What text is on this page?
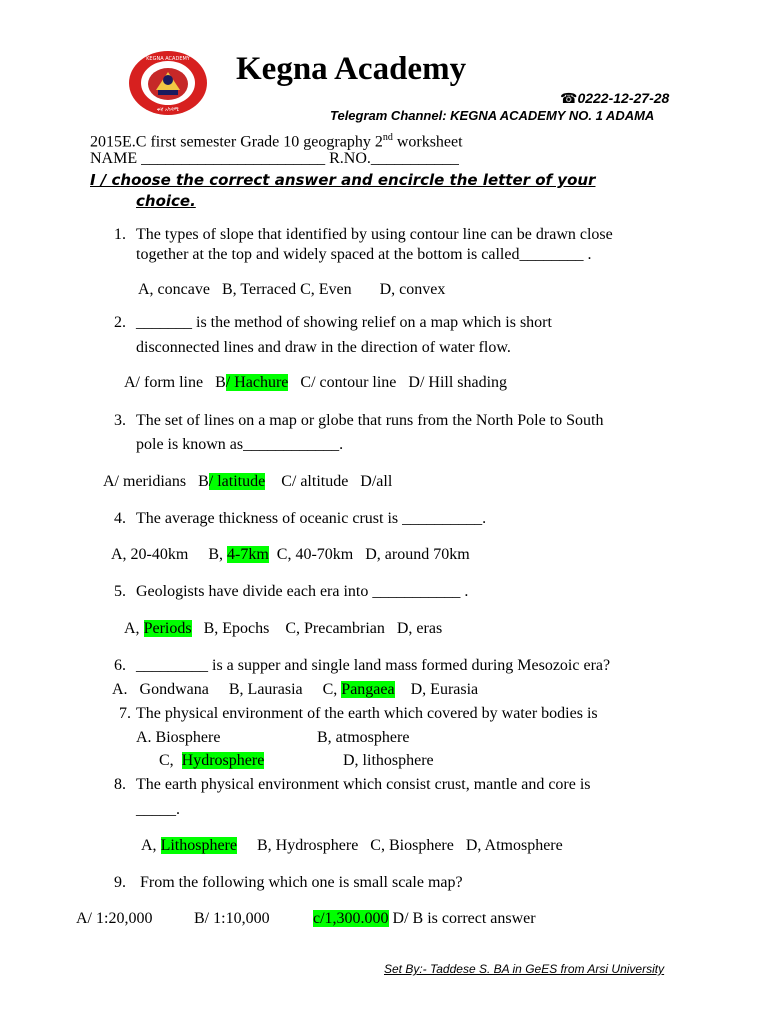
KEGNA ACADEMY
ቀኛ አካዳሚ
Kegna Academy
☎0222-12-27-28
Telegram Channel: KEGNA ACADEMY NO. 1 ADAMA
2015E.C first semester Grade 10 geography 2nd worksheet
NAME _______________________ R.NO.___________
I / choose the correct answer and encircle the letter of your
choice.
1. The types of slope that identified by using contour line can be drawn close
together at the top and widely spaced at the bottom is called________ .
A, concave   B, Terraced C, Even       D, convex
2. _______ is the method of showing relief on a map which is short
disconnected lines and draw in the direction of water flow.
A/ form line   B/ Hachure   C/ contour line   D/ Hill shading
3. The set of lines on a map or globe that runs from the North Pole to South
pole is known as____________.
A/ meridians   B/ latitude    C/ altitude   D/all
4. The average thickness of oceanic crust is __________.
A, 20-40km     B, 4-7km  C, 40-70km   D, around 70km
5. Geologists have divide each era into ___________ .
A, Periods   B, Epochs    C, Precambrian   D, eras
6. _________ is a supper and single land mass formed during Mesozoic era?
A.   Gondwana     B, Laurasia     C, Pangaea    D, Eurasia
7. The physical environment of the earth which covered by water bodies is
A. Biosphere	B, atmosphere
C,  Hydrosphere	D, lithosphere
8. The earth physical environment which consist crust, mantle and core is
_____.
A, Lithosphere     B, Hydrosphere   C, Biosphere   D, Atmosphere
9. From the following which one is small scale map?
A/ 1:20,000	B/ 1:10,000	c/1,300.000 D/ B is correct answer
Set By:- Taddese S. BA in GeES from Arsi University
